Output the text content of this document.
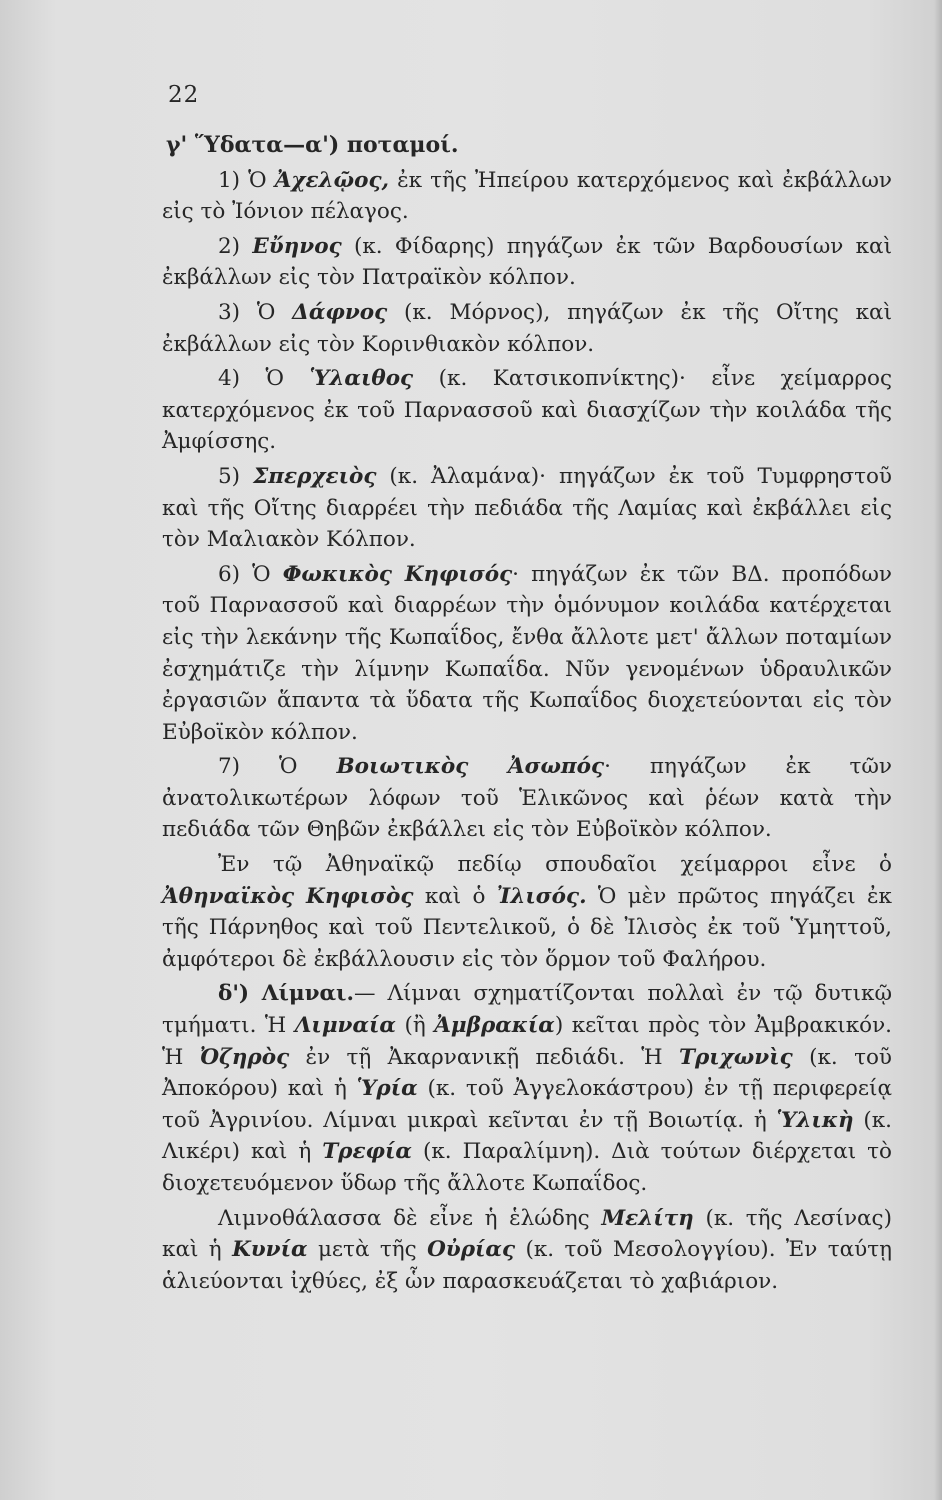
22
γ' Ὕδατα—α') ποταμοί.

1) Ὁ Ἀχελῷος, ἐκ τῆς Ἠπείρου κατερχόμενος καὶ ἐκβάλλων εἰς τὸ Ἰόνιον πέλαγος.

2) Εὔηνος (κ. Φίδαρης) πηγάζων ἐκ τῶν Βαρδουσίων καὶ ἐκβάλλων εἰς τὸν Πατραϊκὸν κόλπον.

3) Ὁ Δάφνος (κ. Μόρνος), πηγάζων ἐκ τῆς Οἴτης καὶ ἐκβάλλων εἰς τὸν Κορινθιακὸν κόλπον.

4) Ὁ Ὑλαιθος (κ. Κατσικοπνίκτης)· εἶνε χείμαρρος κατερχόμενος ἐκ τοῦ Παρνασσοῦ καὶ διασχίζων τὴν κοιλάδα τῆς Ἀμφίσσης.

5) Σπερχειὸς (κ. Ἀλαμάνα)· πηγάζων ἐκ τοῦ Τυμφρηστοῦ καὶ τῆς Οἴτης διαρρέει τὴν πεδιάδα τῆς Λαμίας καὶ ἐκβάλλει εἰς τὸν Μαλιακὸν Κόλπον.

6) Ὁ Φωκικὸς Κηφισός· πηγάζων ἐκ τῶν ΒΔ. προπόδων τοῦ Παρνασσοῦ καὶ διαρρέων τὴν ὁμόνυμον κοιλάδα κατέρχεται εἰς τὴν λεκάνην τῆς Κωπαΐδος, ἔνθα ἄλλοτε μετ' ἄλλων ποταμίων ἐσχημάτιζε τὴν λίμνην Κωπαΐδα. Νῦν γενομένων ὑδραυλικῶν ἐργασιῶν ἅπαντα τὰ ὕδατα τῆς Κωπαΐδος διοχετεύονται εἰς τὸν Εὐβοϊκὸν κόλπον.

7) Ὁ Βοιωτικὸς Ἀσωπός· πηγάζων ἐκ τῶν ἀνατολικωτέρων λόφων τοῦ Ἑλικῶνος καὶ ῥέων κατὰ τὴν πεδιάδα τῶν Θηβῶν ἐκβάλλει εἰς τὸν Εὐβοϊκὸν κόλπον.

Ἐν τῷ Ἀθηναϊκῷ πεδίῳ σπουδαῖοι χείμαρροι εἶνε ὁ Ἀθηναϊκὸς Κηφισὸς καὶ ὁ Ἰλισός. Ὁ μὲν πρῶτος πηγάζει ἐκ τῆς Πάρνηθος καὶ τοῦ Πεντελικοῦ, ὁ δὲ Ἰλισὸς ἐκ τοῦ Ὑμηττοῦ, ἀμφότεροι δὲ ἐκβάλλουσιν εἰς τὸν ὅρμον τοῦ Φαλήρου.

δ') Λίμναι.— Λίμναι σχηματίζονται πολλαὶ ἐν τῷ δυτικῷ τμήματι. Ἡ Λιμναία (ἢ Ἀμβρακία) κεῖται πρὸς τὸν Ἀμβρακικόν. Ἡ Ὀζηρὸς ἐν τῇ Ἀκαρνανικῇ πεδιάδι. Ἡ Τριχωνὶς (κ. τοῦ Ἀποκόρου) καὶ ἡ Ὑρία (κ. τοῦ Ἀγγελοκάστρου) ἐν τῇ περιφερείᾳ τοῦ Ἀγρινίου. Λίμναι μικραὶ κεῖνται ἐν τῇ Βοιωτίᾳ. ἡ Ὑλικὴ (κ. Λικέρι) καὶ ἡ Τρεφία (κ. Παραλίμνη). Διὰ τούτων διέρχεται τὸ διοχετευόμενον ὕδωρ τῆς ἄλλοτε Κωπαΐδος.

Λιμνοθάλασσα δὲ εἶνε ἡ ἑλώδης Μελίτη (κ. τῆς Λεσίνας) καὶ ἡ Κυνία μετὰ τῆς Οὐρίας (κ. τοῦ Μεσολογγίου). Ἐν ταύτῃ ἁλιεύονται ἰχθύες, ἐξ ὧν παρασκευάζεται τὸ χαβιάριον.
